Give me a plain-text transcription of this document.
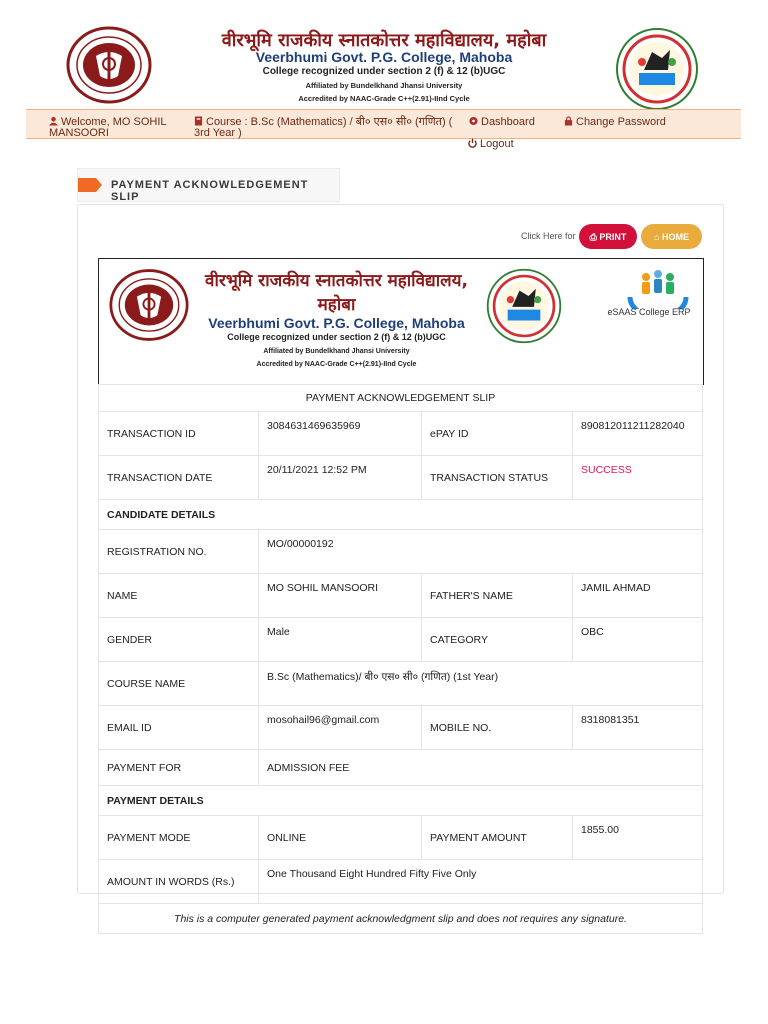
वीरभूमि राजकीय स्नातकोत्तर महाविद्यालय, महोबा
Veerbhumi Govt. P.G. College, Mahoba
College recognized under section 2 (f) & 12 (b)UGC
Affiliated by Bundelkhand Jhansi University
Accredited by NAAC-Grade C++(2.91)-IInd Cycle
Welcome, MO SOHIL MANSOORI
Course : B.Sc (Mathematics) / बी० एस० सी० (गणित) ( 3rd Year )
Dashboard	Change Password
Logout
PAYMENT ACKNOWLEDGEMENT SLIP
Click Here for	⎙ PRINT	⌂ HOME
वीरभूमि राजकीय स्नातकोत्तर महाविद्यालय, महोबा
Veerbhumi Govt. P.G. College, Mahoba
College recognized under section 2 (f) & 12 (b)UGC
Affiliated by Bundelkhand Jhansi University
Accredited by NAAC-Grade C++(2.91)-IInd Cycle
eSAAS College ERP
PAYMENT ACKNOWLEDGEMENT SLIP			
TRANSACTION ID	3084631469635969	ePAY ID	890812011211282040
TRANSACTION DATE	20/11/2021 12:52 PM	TRANSACTION STATUS	SUCCESS
CANDIDATE DETAILS			
REGISTRATION NO.	MO/00000192		
NAME	MO SOHIL MANSOORI	FATHER'S NAME	JAMIL AHMAD
GENDER	Male	CATEGORY	OBC
COURSE NAME	B.Sc (Mathematics)/ बी० एस० सी० (गणित) (1st Year)		
EMAIL ID	mosohail96@gmail.com	MOBILE NO.	8318081351
PAYMENT FOR	ADMISSION FEE		
PAYMENT DETAILS			
PAYMENT MODE	ONLINE	PAYMENT AMOUNT	1855.00
AMOUNT IN WORDS (Rs.)	One Thousand Eight Hundred Fifty Five Only		
This is a computer generated payment acknowledgment slip and does not requires any signature.			
